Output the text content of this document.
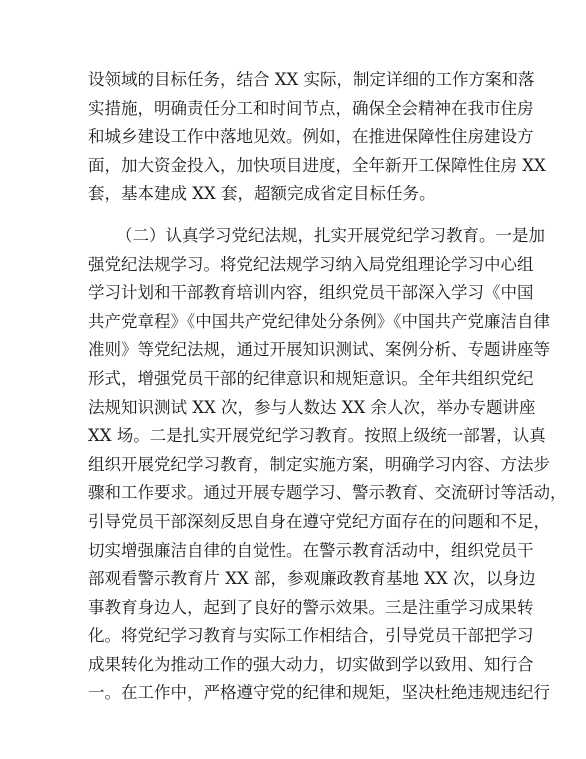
设领域的目标任务，结合 XX 实际，制定详细的工作方案和落
实措施，明确责任分工和时间节点，确保全会精神在我市住房
和城乡建设工作中落地见效。例如，在推进保障性住房建设方
面，加大资金投入，加快项目进度，全年新开工保障性住房 XX
套，基本建成 XX 套，超额完成省定目标任务。
（二）认真学习党纪法规，扎实开展党纪学习教育。一是加
强党纪法规学习。将党纪法规学习纳入局党组理论学习中心组
学习计划和干部教育培训内容，组织党员干部深入学习《中国
共产党章程》《中国共产党纪律处分条例》《中国共产党廉洁自律
准则》等党纪法规，通过开展知识测试、案例分析、专题讲座等
形式，增强党员干部的纪律意识和规矩意识。全年共组织党纪
法规知识测试 XX 次，参与人数达 XX 余人次，举办专题讲座
XX 场。二是扎实开展党纪学习教育。按照上级统一部署，认真
组织开展党纪学习教育，制定实施方案，明确学习内容、方法步
骤和工作要求。通过开展专题学习、警示教育、交流研讨等活动，
引导党员干部深刻反思自身在遵守党纪方面存在的问题和不足，
切实增强廉洁自律的自觉性。在警示教育活动中，组织党员干
部观看警示教育片 XX 部，参观廉政教育基地 XX 次，以身边
事教育身边人，起到了良好的警示效果。三是注重学习成果转
化。将党纪学习教育与实际工作相结合，引导党员干部把学习
成果转化为推动工作的强大动力，切实做到学以致用、知行合
一。在工作中，严格遵守党的纪律和规矩，坚决杜绝违规违纪行
